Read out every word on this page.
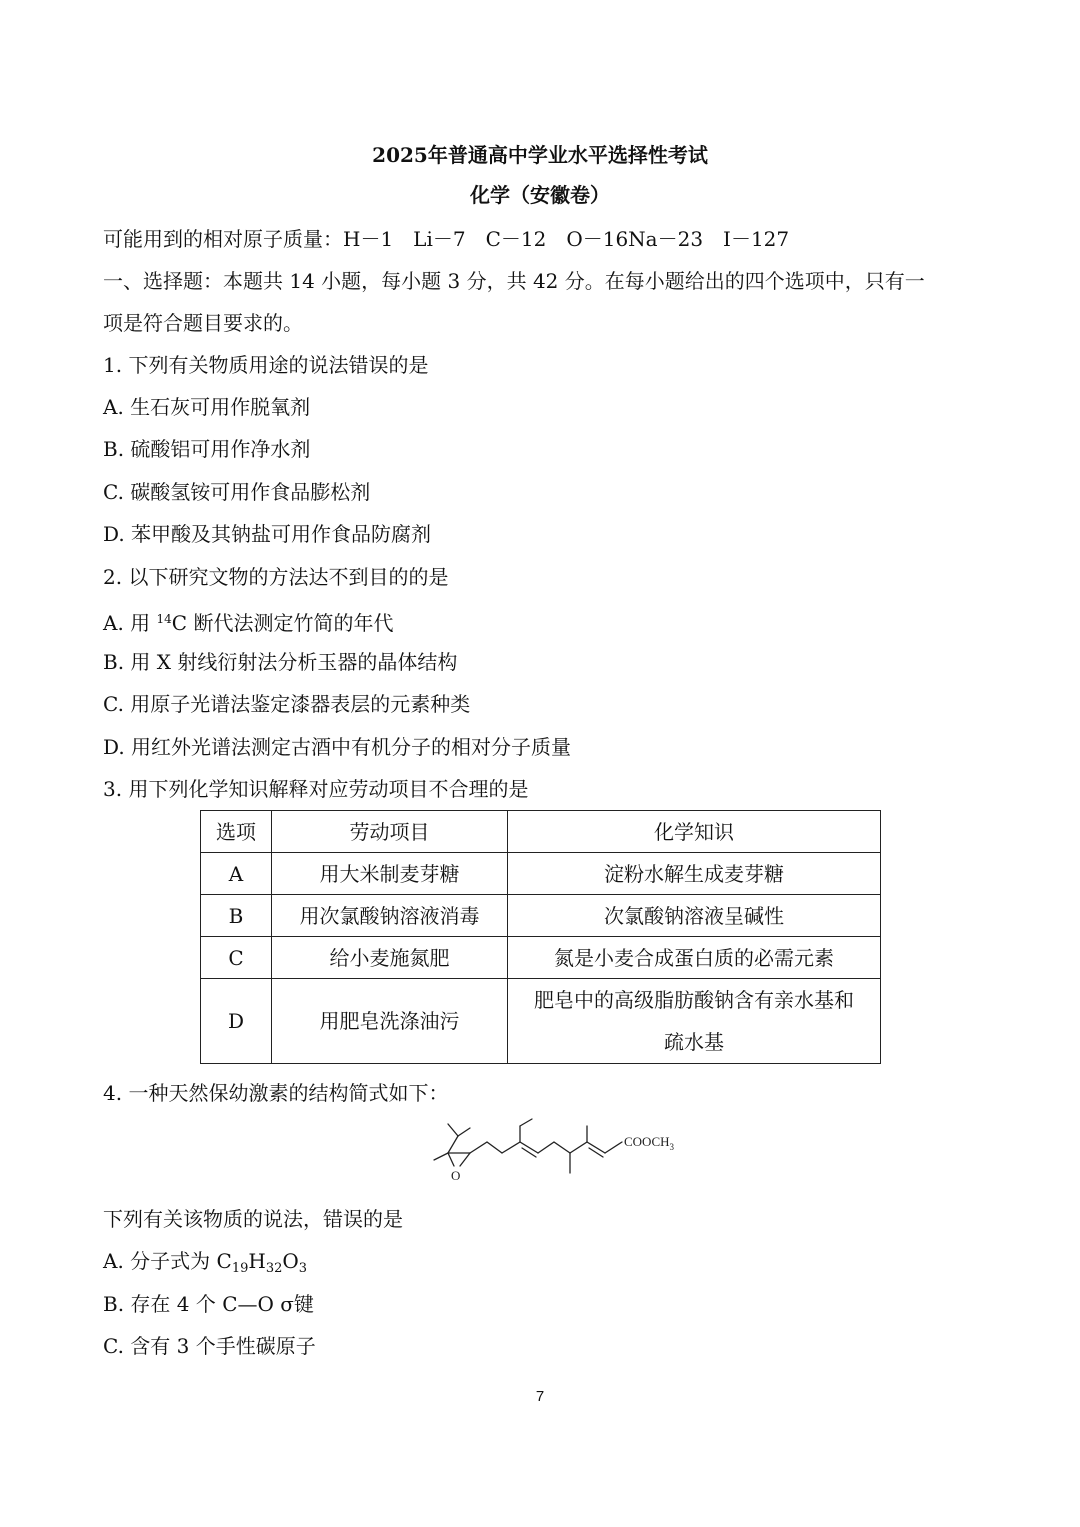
2025年普通高中学业水平选择性考试
化学（安徽卷）
可能用到的相对原子质量：H－1　Li－7　C－12　O－16Na－23　I－127
一、选择题：本题共 14 小题，每小题 3 分，共 42 分。在每小题给出的四个选项中，只有一
项是符合题目要求的。
1. 下列有关物质用途的说法错误的是
A. 生石灰可用作脱氧剂
B. 硫酸铝可用作净水剂
C. 碳酸氢铵可用作食品膨松剂
D. 苯甲酸及其钠盐可用作食品防腐剂
2. 以下研究文物的方法达不到目的的是
A. 用 $^{14}$C 断代法测定竹简的年代
B. 用 X 射线衍射法分析玉器的晶体结构
C. 用原子光谱法鉴定漆器表层的元素种类
D. 用红外光谱法测定古酒中有机分子的相对分子质量
3. 用下列化学知识解释对应劳动项目不合理的是
选项	劳动项目	化学知识
A	用大米制麦芽糖	淀粉水解生成麦芽糖
B	用次氯酸钠溶液消毒	次氯酸钠溶液呈碱性
C	给小麦施氮肥	氮是小麦合成蛋白质的必需元素
D	用肥皂洗涤油污	肥皂中的高级脂肪酸钠含有亲水基和
疏水基
4. 一种天然保幼激素的结构简式如下：
O
$COOCH_3$
下列有关该物质的说法，错误的是
A. 分子式为 $C_{19}H_{32}O_3$
B. 存在 4 个 C—O σ键
C. 含有 3 个手性碳原子
7
